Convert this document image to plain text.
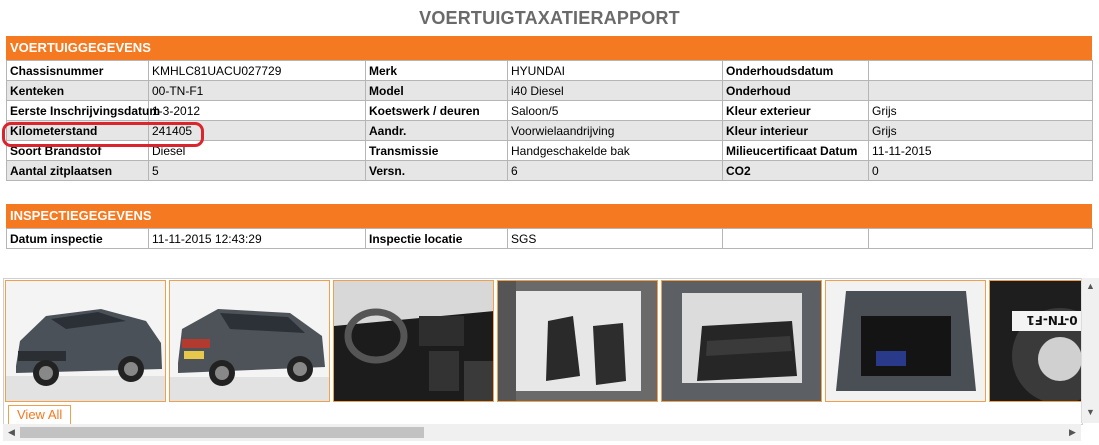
VOERTUIGTAXATIERAPPORT
VOERTUIGGEGEVENS
Chassisnummer	KMHLC81UACU027729	Merk	HYUNDAI	Onderhoudsdatum	
Kenteken	00-TN-F1	Model	i40 Diesel	Onderhoud	
Eerste Inschrijvingsdatum	1-3-2012	Koetswerk / deuren	Saloon/5	Kleur exterieur	Grijs
Kilometerstand	241405	Aandr.	Voorwielaandrijving	Kleur interieur	Grijs
Soort Brandstof	Diesel	Transmissie	Handgeschakelde bak	Milieucertificaat Datum	11-11-2015
Aantal zitplaatsen	5	Versn.	6	CO2	0
INSPECTIEGEGEVENS
Datum inspectie	11-11-2015 12:43:29	Inspectie locatie	SGS		
0-TN-F1
View All
▲
▼
◀	▶
